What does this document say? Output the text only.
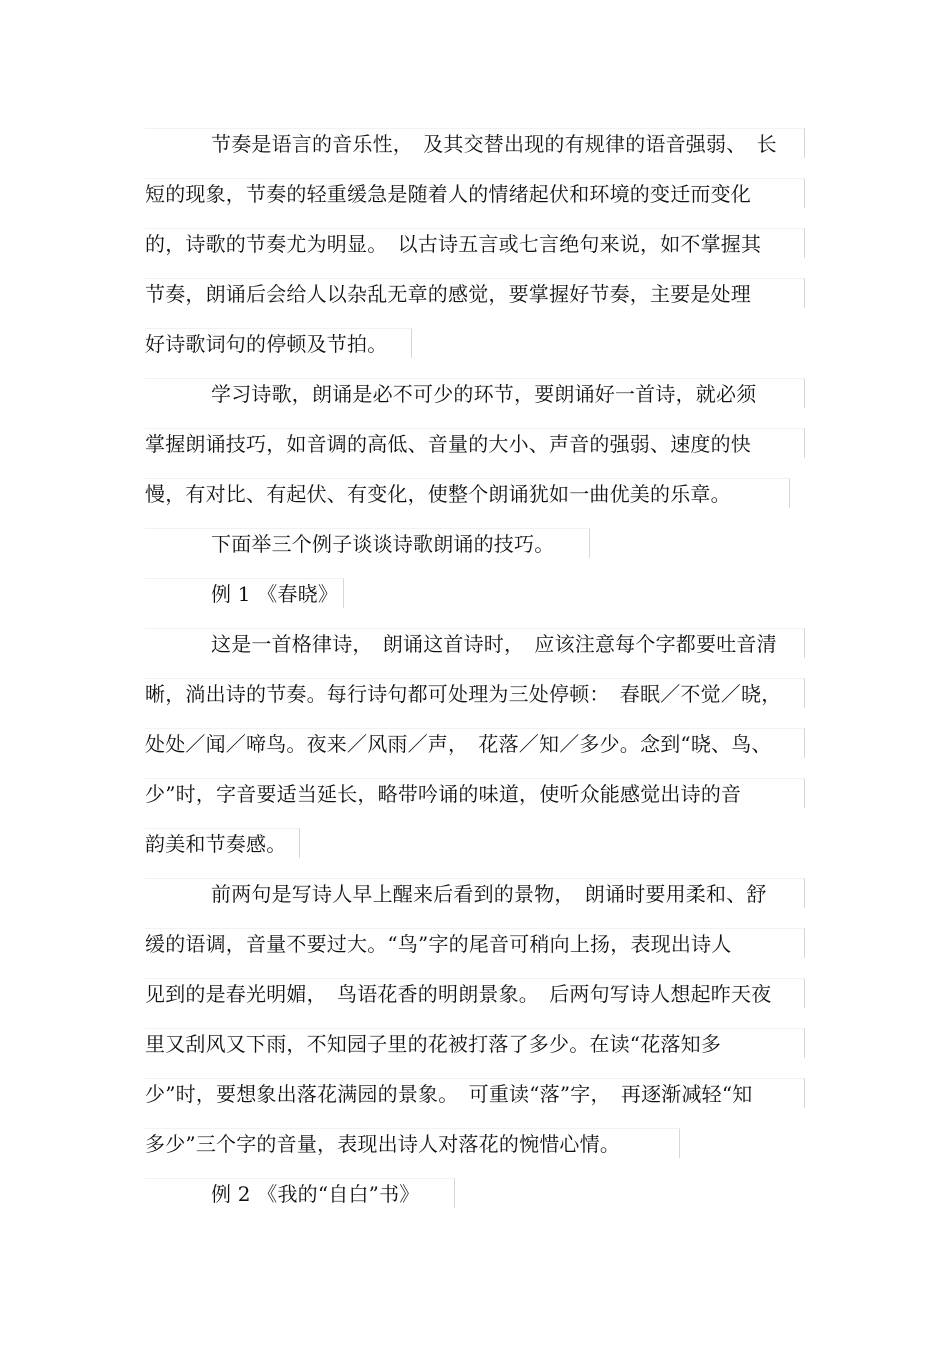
节奏是语言的音乐性，　及其交替出现的有规律的语音强弱、　长
短的现象，节奏的轻重缓急是随着人的情绪起伏和环境的变迁而变化
的，诗歌的节奏尤为明显。　以古诗五言或七言绝句来说，如不掌握其
节奏，朗诵后会给人以杂乱无章的感觉，要掌握好节奏，主要是处理
好诗歌词句的停顿及节拍。
学习诗歌，朗诵是必不可少的环节，要朗诵好一首诗，就必须
掌握朗诵技巧，如音调的高低、音量的大小、声音的强弱、速度的快
慢，有对比、有起伏、有变化，使整个朗诵犹如一曲优美的乐章。
下面举三个例子谈谈诗歌朗诵的技巧。
例 1 《春晓》
这是一首格律诗，　朗诵这首诗时，　应该注意每个字都要吐音清
晰，淌出诗的节奏。每行诗句都可处理为三处停顿：　春眠／不觉／晓，
处处／闻／啼鸟。夜来／风雨／声，　花落／知／多少。念到“晓、鸟、
少”时，字音要适当延长，略带吟诵的味道，使听众能感觉出诗的音
韵美和节奏感。
前两句是写诗人早上醒来后看到的景物，　朗诵时要用柔和、舒
缓的语调，音量不要过大。“鸟”字的尾音可稍向上扬，表现出诗人
见到的是春光明媚，　鸟语花香的明朗景象。　后两句写诗人想起昨天夜
里又刮风又下雨，不知园子里的花被打落了多少。在读“花落知多
少”时，要想象出落花满园的景象。　可重读“落”字，　再逐渐减轻“知
多少”三个字的音量，表现出诗人对落花的惋惜心情。
例 2 《我的“自白”书》
